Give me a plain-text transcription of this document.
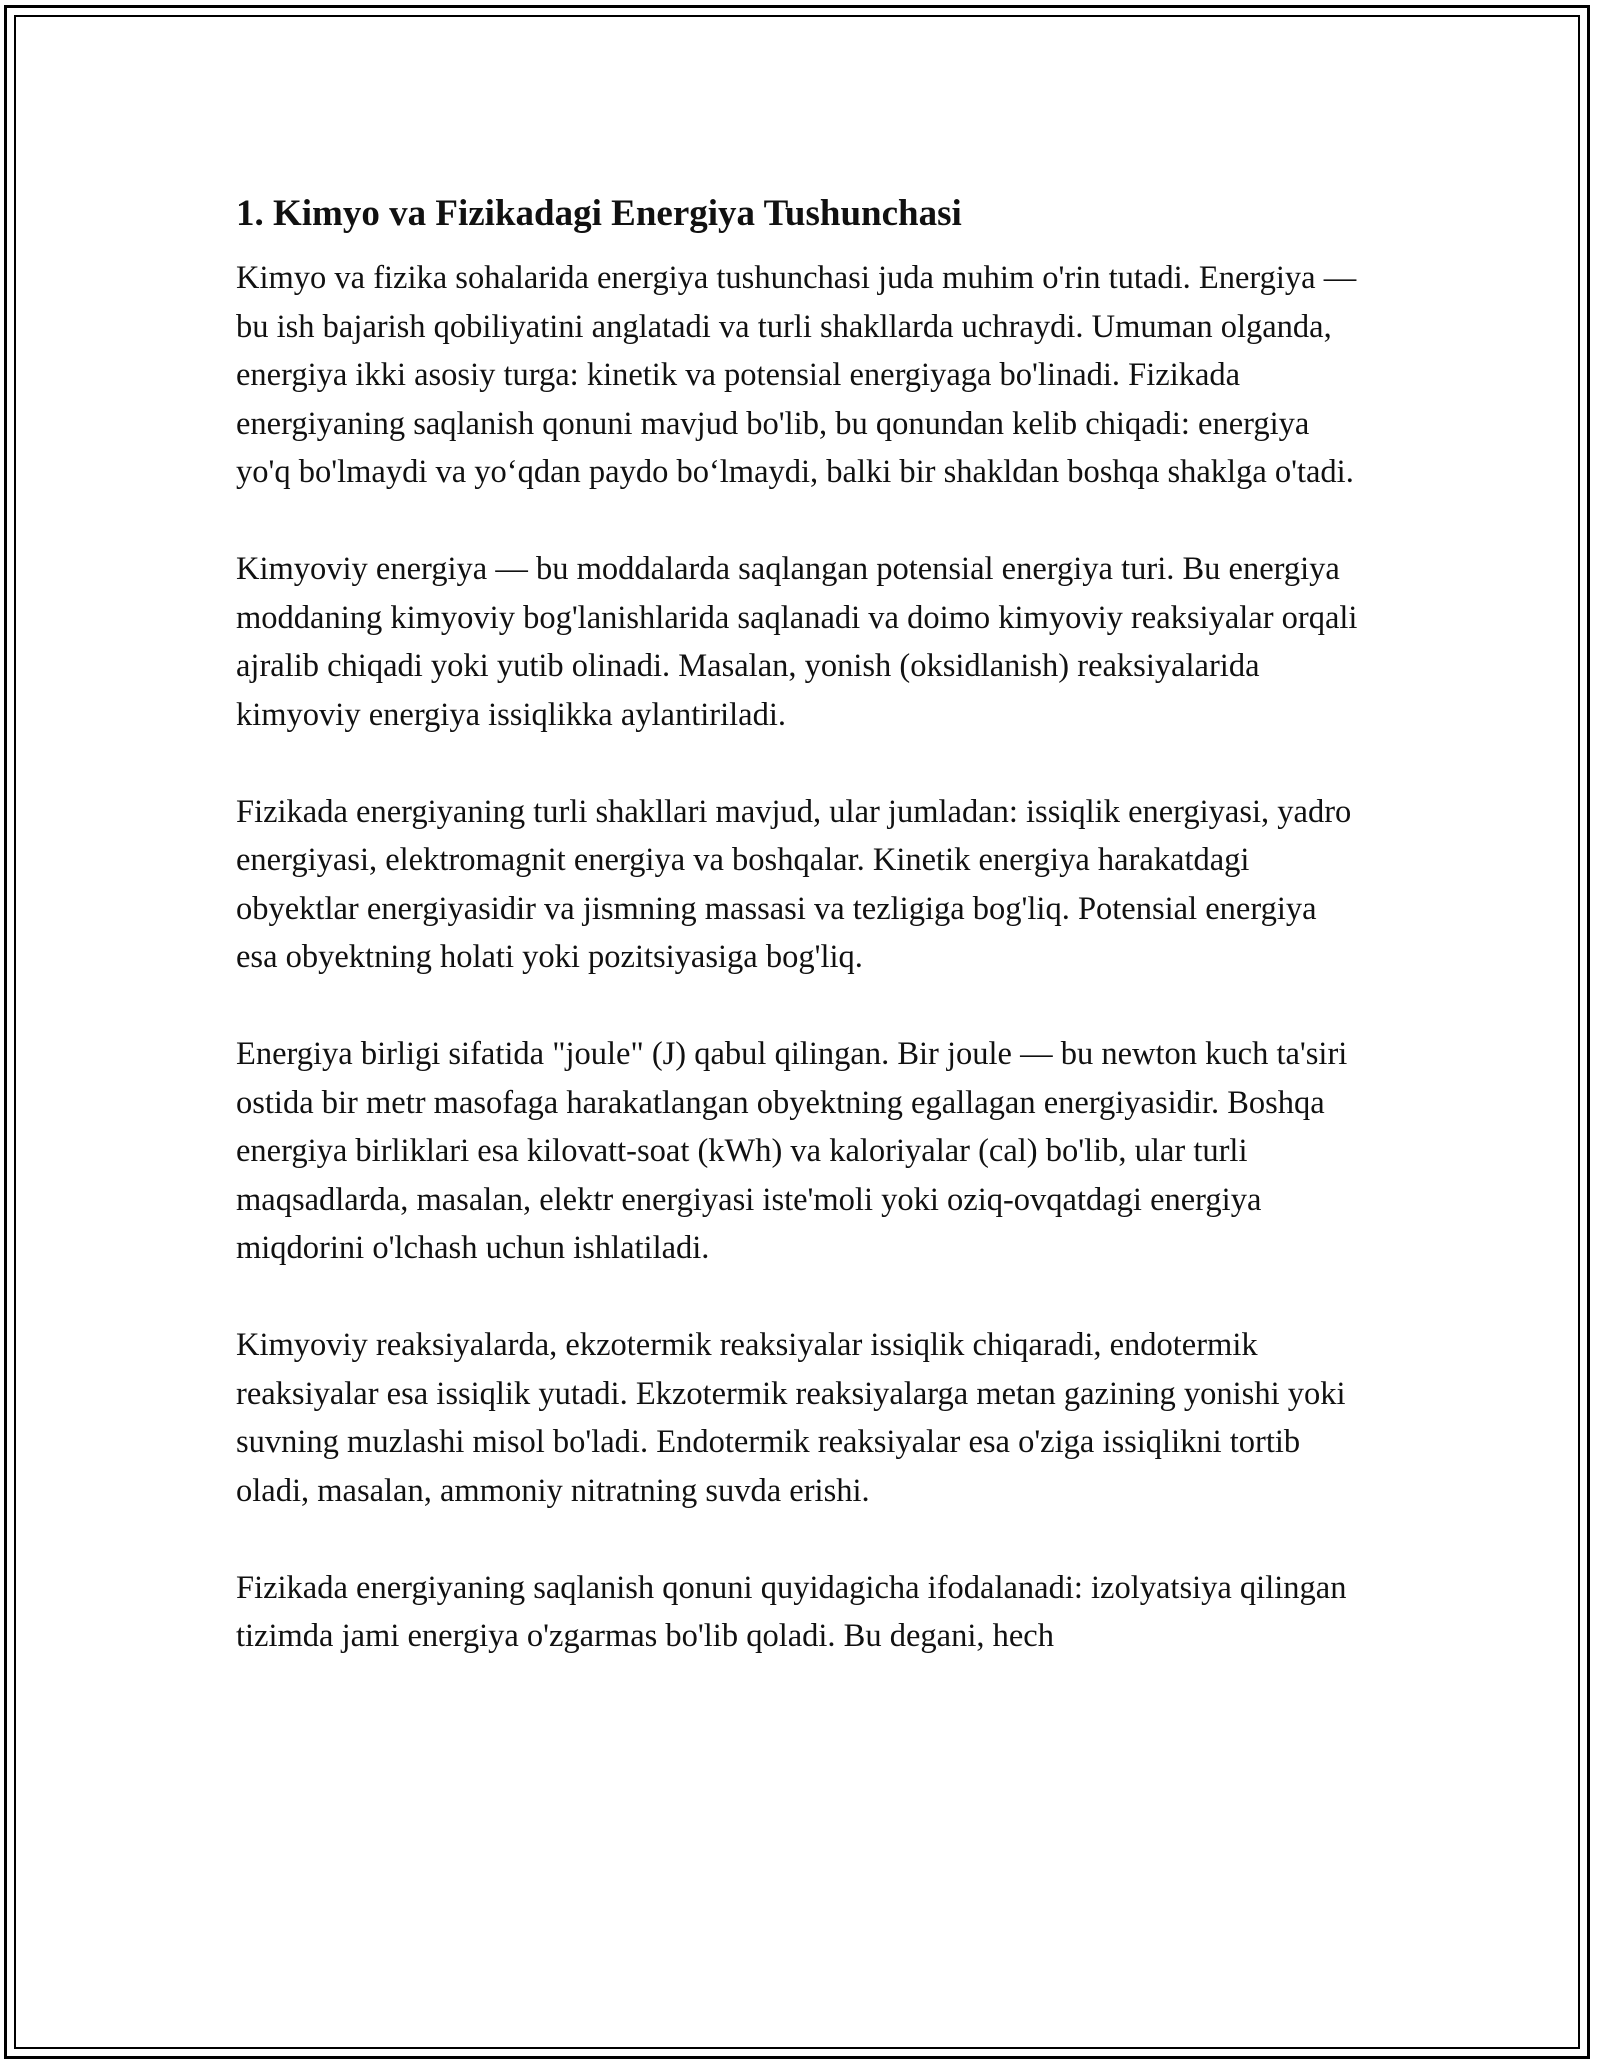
1. Kimyo va Fizikadagi Energiya Tushunchasi

Kimyo va fizika sohalarida energiya tushunchasi juda muhim o'rin tutadi. Energiya — bu ish bajarish qobiliyatini anglatadi va turli shakllarda uchraydi. Umuman olganda, energiya ikki asosiy turga: kinetik va potensial energiyaga bo'linadi. Fizikada energiyaning saqlanish qonuni mavjud bo'lib, bu qonundan kelib chiqadi: energiya yo'q bo'lmaydi va yo‘qdan paydo bo‘lmaydi, balki bir shakldan boshqa shaklga o'tadi.

Kimyoviy energiya — bu moddalarda saqlangan potensial energiya turi. Bu energiya moddaning kimyoviy bog'lanishlarida saqlanadi va doimo kimyoviy reaksiyalar orqali ajralib chiqadi yoki yutib olinadi. Masalan, yonish (oksidlanish) reaksiyalarida kimyoviy energiya issiqlikka aylantiriladi.

Fizikada energiyaning turli shakllari mavjud, ular jumladan: issiqlik energiyasi, yadro energiyasi, elektromagnit energiya va boshqalar. Kinetik energiya harakatdagi obyektlar energiyasidir va jismning massasi va tezligiga bog'liq. Potensial energiya esa obyektning holati yoki pozitsiyasiga bog'liq.

Energiya birligi sifatida "joule" (J) qabul qilingan. Bir joule — bu newton kuch ta'siri ostida bir metr masofaga harakatlangan obyektning egallagan energiyasidir. Boshqa energiya birliklari esa kilovatt-soat (kWh) va kaloriyalar (cal) bo'lib, ular turli maqsadlarda, masalan, elektr energiyasi iste'moli yoki oziq-ovqatdagi energiya miqdorini o'lchash uchun ishlatiladi.

Kimyoviy reaksiyalarda, ekzotermik reaksiyalar issiqlik chiqaradi, endotermik reaksiyalar esa issiqlik yutadi. Ekzotermik reaksiyalarga metan gazining yonishi yoki suvning muzlashi misol bo'ladi. Endotermik reaksiyalar esa o'ziga issiqlikni tortib oladi, masalan, ammoniy nitratning suvda erishi.

Fizikada energiyaning saqlanish qonuni quyidagicha ifodalanadi: izolyatsiya qilingan tizimda jami energiya o'zgarmas bo'lib qoladi. Bu degani, hech
